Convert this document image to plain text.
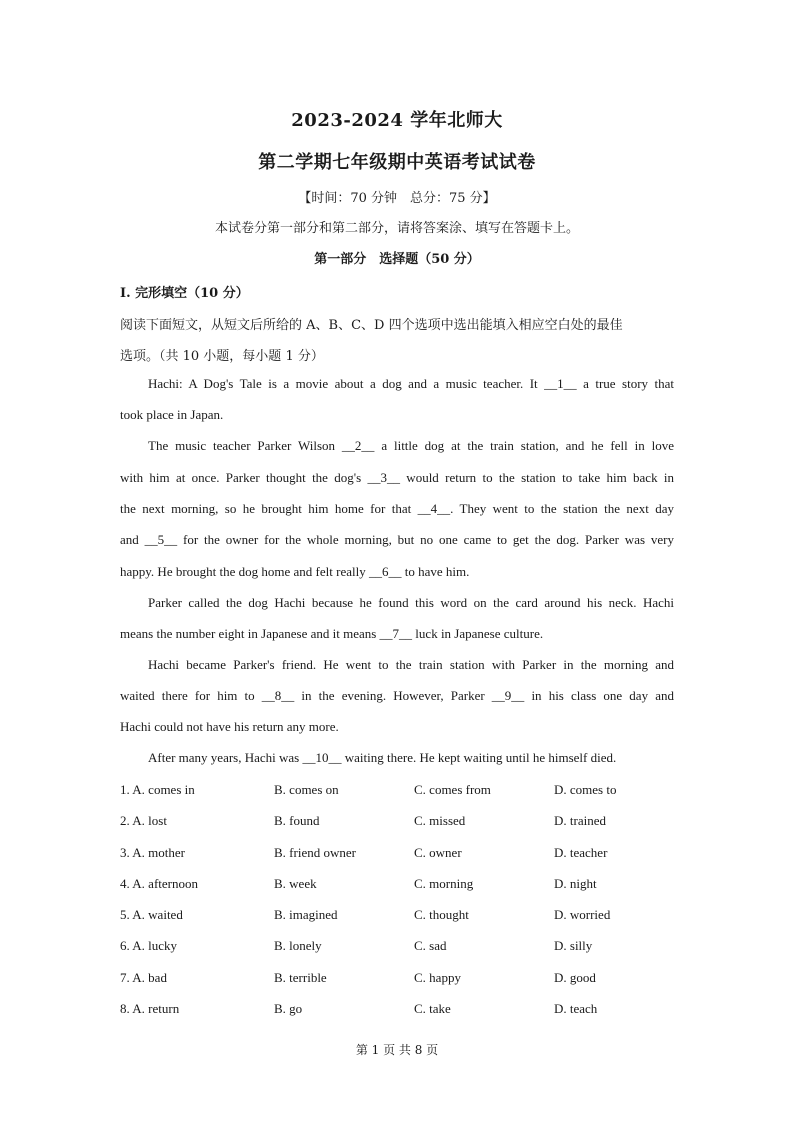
2023-2024 学年北师大
第二学期七年级期中英语考试试卷
【时间：70 分钟　总分：75 分】
本试卷分第一部分和第二部分，请将答案涂、填写在答题卡上。
第一部分　选择题（50 分）
I. 完形填空（10 分）
阅读下面短文，从短文后所给的 A、B、C、D 四个选项中选出能填入相应空白处的最佳
选项。（共 10 小题，每小题 1 分）
Hachi: A Dog's Tale is a movie about a dog and a music teacher. It __1__ a true story that
took place in Japan.
The music teacher Parker Wilson __2__ a little dog at the train station, and he fell in love
with him at once. Parker thought the dog's __3__ would return to the station to take him back in
the next morning, so he brought him home for that __4__. They went to the station the next day
and __5__ for the owner for the whole morning, but no one came to get the dog. Parker was very
happy. He brought the dog home and felt really __6__ to have him.
Parker called the dog Hachi because he found this word on the card around his neck. Hachi
means the number eight in Japanese and it means __7__ luck in Japanese culture.
Hachi became Parker's friend. He went to the train station with Parker in the morning and
waited there for him to __8__ in the evening. However, Parker __9__ in his class one day and
Hachi could not have his return any more.
After many years, Hachi was __10__ waiting there. He kept waiting until he himself died.
1. A. comes in	B. comes on	C. comes from	D. comes to
2. A. lost	B. found	C. missed	D. trained
3. A. mother	B. friend owner	C. owner	D. teacher
4. A. afternoon	B. week	C. morning	D. night
5. A. waited	B. imagined	C. thought	D. worried
6. A. lucky	B. lonely	C. sad	D. silly
7. A. bad	B. terrible	C. happy	D. good
8. A. return	B. go	C. take	D. teach
第 1 页 共 8 页
